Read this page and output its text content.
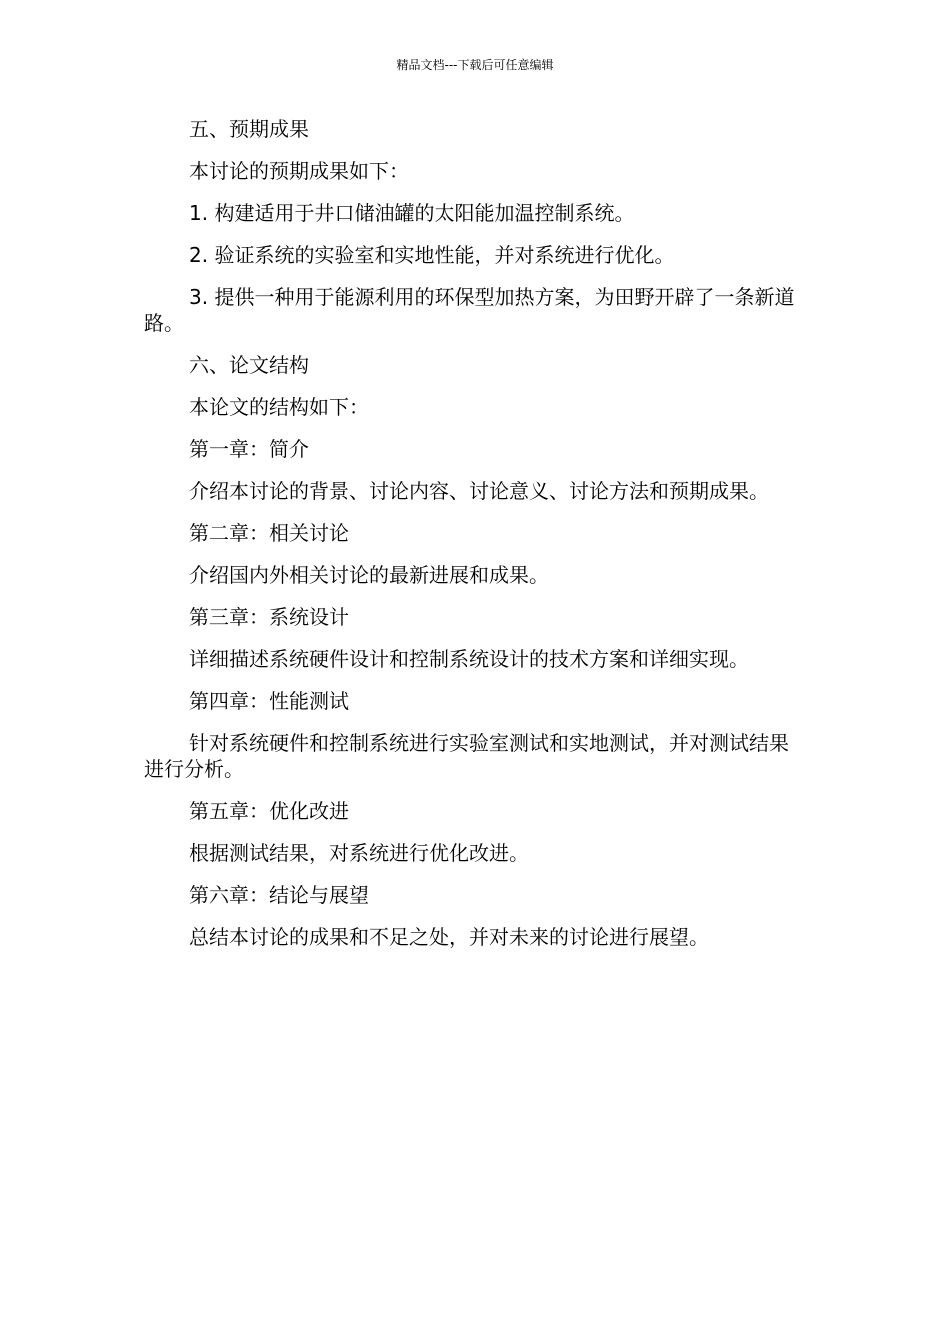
精品文档---下载后可任意编辑

五、预期成果

本讨论的预期成果如下：

1. 构建适用于井口储油罐的太阳能加温控制系统。

2. 验证系统的实验室和实地性能，并对系统进行优化。

3. 提供一种用于能源利用的环保型加热方案，为田野开辟了一条新道路。

六、论文结构

本论文的结构如下：

第一章：简介

介绍本讨论的背景、讨论内容、讨论意义、讨论方法和预期成果。

第二章：相关讨论

介绍国内外相关讨论的最新进展和成果。

第三章：系统设计

详细描述系统硬件设计和控制系统设计的技术方案和详细实现。

第四章：性能测试

针对系统硬件和控制系统进行实验室测试和实地测试，并对测试结果进行分析。

第五章：优化改进

根据测试结果，对系统进行优化改进。

第六章：结论与展望

总结本讨论的成果和不足之处，并对未来的讨论进行展望。
